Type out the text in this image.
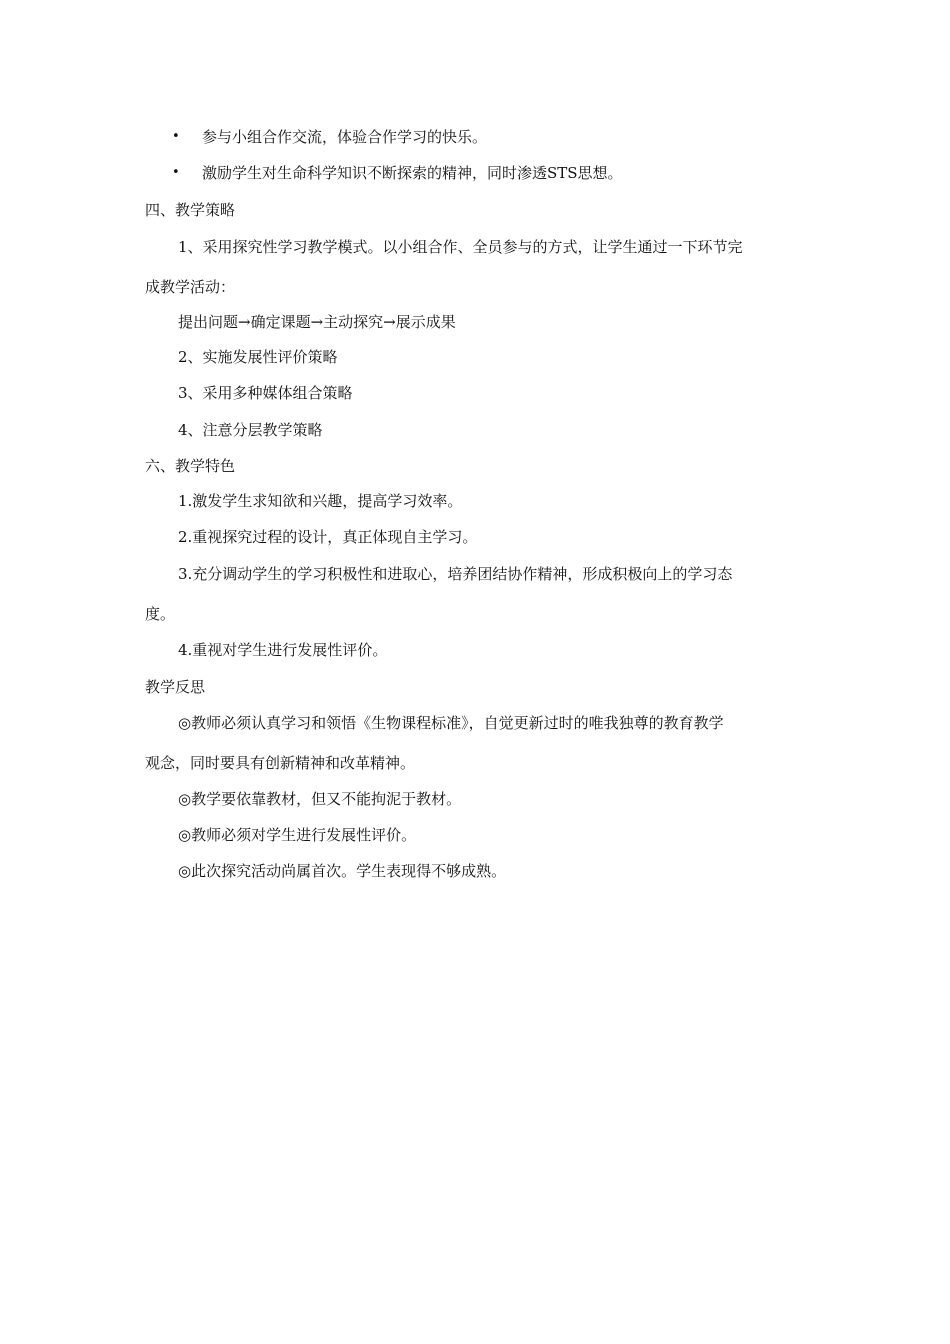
• 参与小组合作交流，体验合作学习的快乐。
• 激励学生对生命科学知识不断探索的精神，同时渗透STS思想。
四、教学策略
1、采用探究性学习教学模式。以小组合作、全员参与的方式，让学生通过一下环节完
成教学活动：
提出问题→确定课题→主动探究→展示成果
2、实施发展性评价策略
3、采用多种媒体组合策略
4、注意分层教学策略
六、教学特色
1.激发学生求知欲和兴趣，提高学习效率。
2.重视探究过程的设计，真正体现自主学习。
3.充分调动学生的学习积极性和进取心，培养团结协作精神，形成积极向上的学习态
度。
4.重视对学生进行发展性评价。
教学反思
◎教师必须认真学习和领悟《生物课程标准》，自觉更新过时的唯我独尊的教育教学
观念，同时要具有创新精神和改革精神。
◎教学要依靠教材，但又不能拘泥于教材。
◎教师必须对学生进行发展性评价。
◎此次探究活动尚属首次。学生表现得不够成熟。
